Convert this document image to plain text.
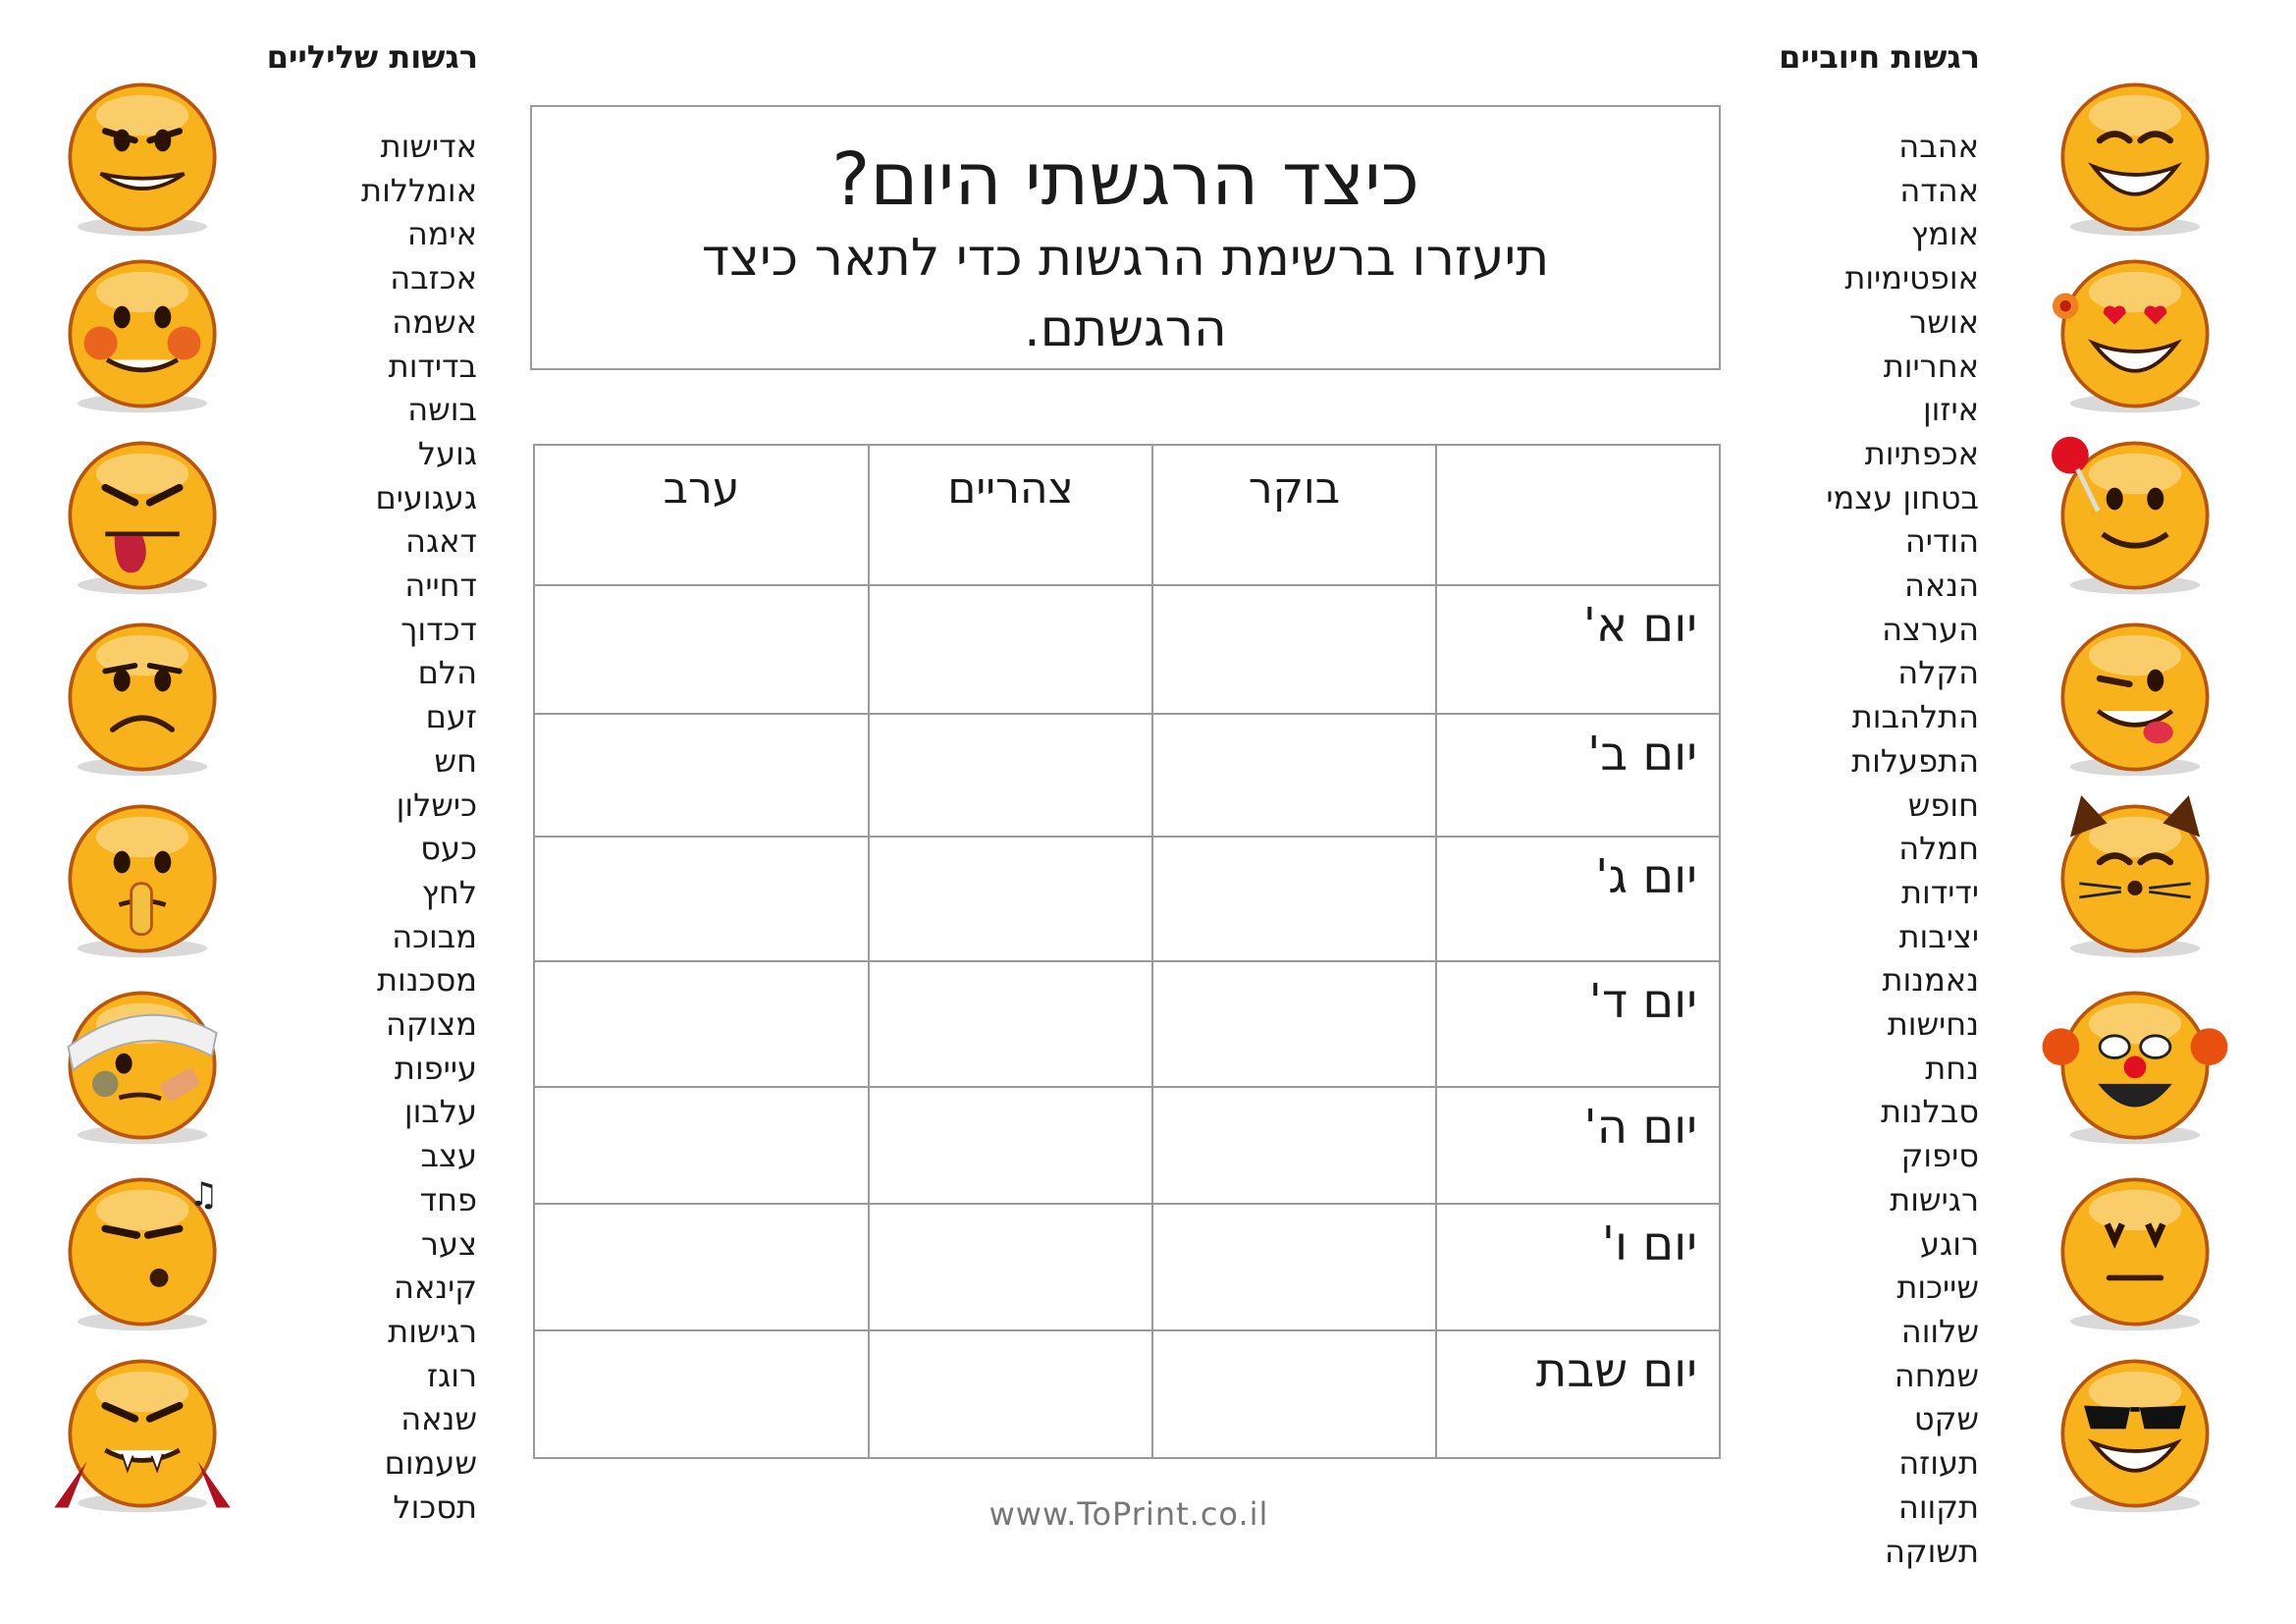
רגשות שליליים	רגשות חיוביים
אדישות
אומללות
אימה
אכזבה
אשמה
בדידות
בושה
גועל
געגועים
דאגה
דחייה
דכדוך
הלם
זעם
חש
כישלון
כעס
לחץ
מבוכה
מסכנות
מצוקה
עייפות
עלבון
עצב
פחד
צער
קינאה
רגישות
רוגז
שנאה
שעמום
תסכול
אהבה
אהדה
אומץ
אופטימיות
אושר
אחריות
איזון
אכפתיות
בטחון עצמי
הודיה
הנאה
הערצה
הקלה
התלהבות
התפעלות
חופש
חמלה
ידידות
יציבות
נאמנות
נחישות
נחת
סבלנות
סיפוק
רגישות
רוגע
שייכות
שלווה
שמחה
שקט
תעוזה
תקווה
תשוקה
♫
כיצד הרגשתי היום?
תיעזרו ברשימת הרגשות כדי לתאר כיצד הרגשתם.
	בוקר	צהריים	ערב
יום א'			
יום ב'			
יום ג'			
יום ד'			
יום ה'			
יום ו'			
יום שבת			
www.ToPrint.co.il
